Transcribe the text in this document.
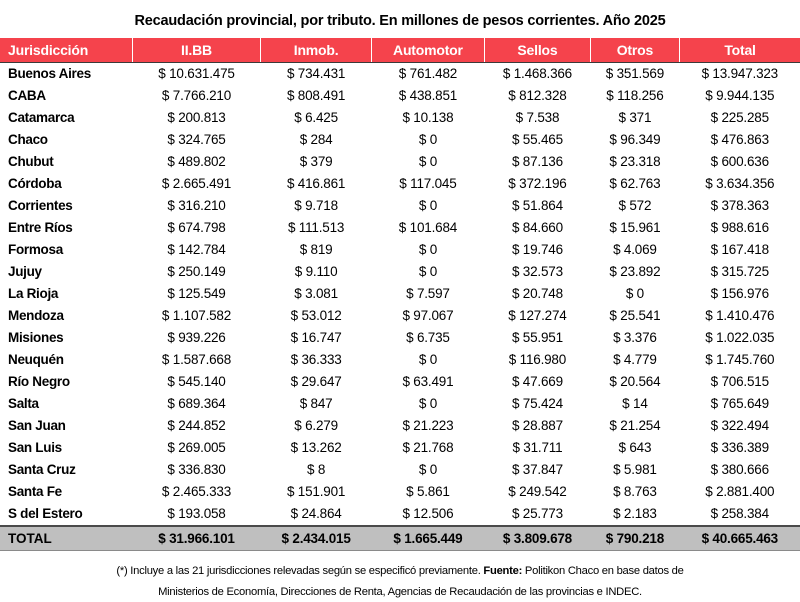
Recaudación provincial, por tributo. En millones de pesos corrientes. Año 2025
Jurisdicción	II.BB	Inmob.	Automotor	Sellos	Otros	Total
Buenos Aires	$ 10.631.475	$ 734.431	$ 761.482	$ 1.468.366	$ 351.569	$ 13.947.323
CABA	$ 7.766.210	$ 808.491	$ 438.851	$ 812.328	$ 118.256	$ 9.944.135
Catamarca	$ 200.813	$ 6.425	$ 10.138	$ 7.538	$ 371	$ 225.285
Chaco	$ 324.765	$ 284	$ 0	$ 55.465	$ 96.349	$ 476.863
Chubut	$ 489.802	$ 379	$ 0	$ 87.136	$ 23.318	$ 600.636
Córdoba	$ 2.665.491	$ 416.861	$ 117.045	$ 372.196	$ 62.763	$ 3.634.356
Corrientes	$ 316.210	$ 9.718	$ 0	$ 51.864	$ 572	$ 378.363
Entre Ríos	$ 674.798	$ 111.513	$ 101.684	$ 84.660	$ 15.961	$ 988.616
Formosa	$ 142.784	$ 819	$ 0	$ 19.746	$ 4.069	$ 167.418
Jujuy	$ 250.149	$ 9.110	$ 0	$ 32.573	$ 23.892	$ 315.725
La Rioja	$ 125.549	$ 3.081	$ 7.597	$ 20.748	$ 0	$ 156.976
Mendoza	$ 1.107.582	$ 53.012	$ 97.067	$ 127.274	$ 25.541	$ 1.410.476
Misiones	$ 939.226	$ 16.747	$ 6.735	$ 55.951	$ 3.376	$ 1.022.035
Neuquén	$ 1.587.668	$ 36.333	$ 0	$ 116.980	$ 4.779	$ 1.745.760
Río Negro	$ 545.140	$ 29.647	$ 63.491	$ 47.669	$ 20.564	$ 706.515
Salta	$ 689.364	$ 847	$ 0	$ 75.424	$ 14	$ 765.649
San Juan	$ 244.852	$ 6.279	$ 21.223	$ 28.887	$ 21.254	$ 322.494
San Luis	$ 269.005	$ 13.262	$ 21.768	$ 31.711	$ 643	$ 336.389
Santa Cruz	$ 336.830	$ 8	$ 0	$ 37.847	$ 5.981	$ 380.666
Santa Fe	$ 2.465.333	$ 151.901	$ 5.861	$ 249.542	$ 8.763	$ 2.881.400
S del Estero	$ 193.058	$ 24.864	$ 12.506	$ 25.773	$ 2.183	$ 258.384
TOTAL	$ 31.966.101	$ 2.434.015	$ 1.665.449	$ 3.809.678	$ 790.218	$ 40.665.463
(*) Incluye a las 21 jurisdicciones relevadas según se especificó previamente. Fuente: Politikon Chaco en base datos de
Ministerios de Economía, Direcciones de Renta, Agencias de Recaudación de las provincias e INDEC.
